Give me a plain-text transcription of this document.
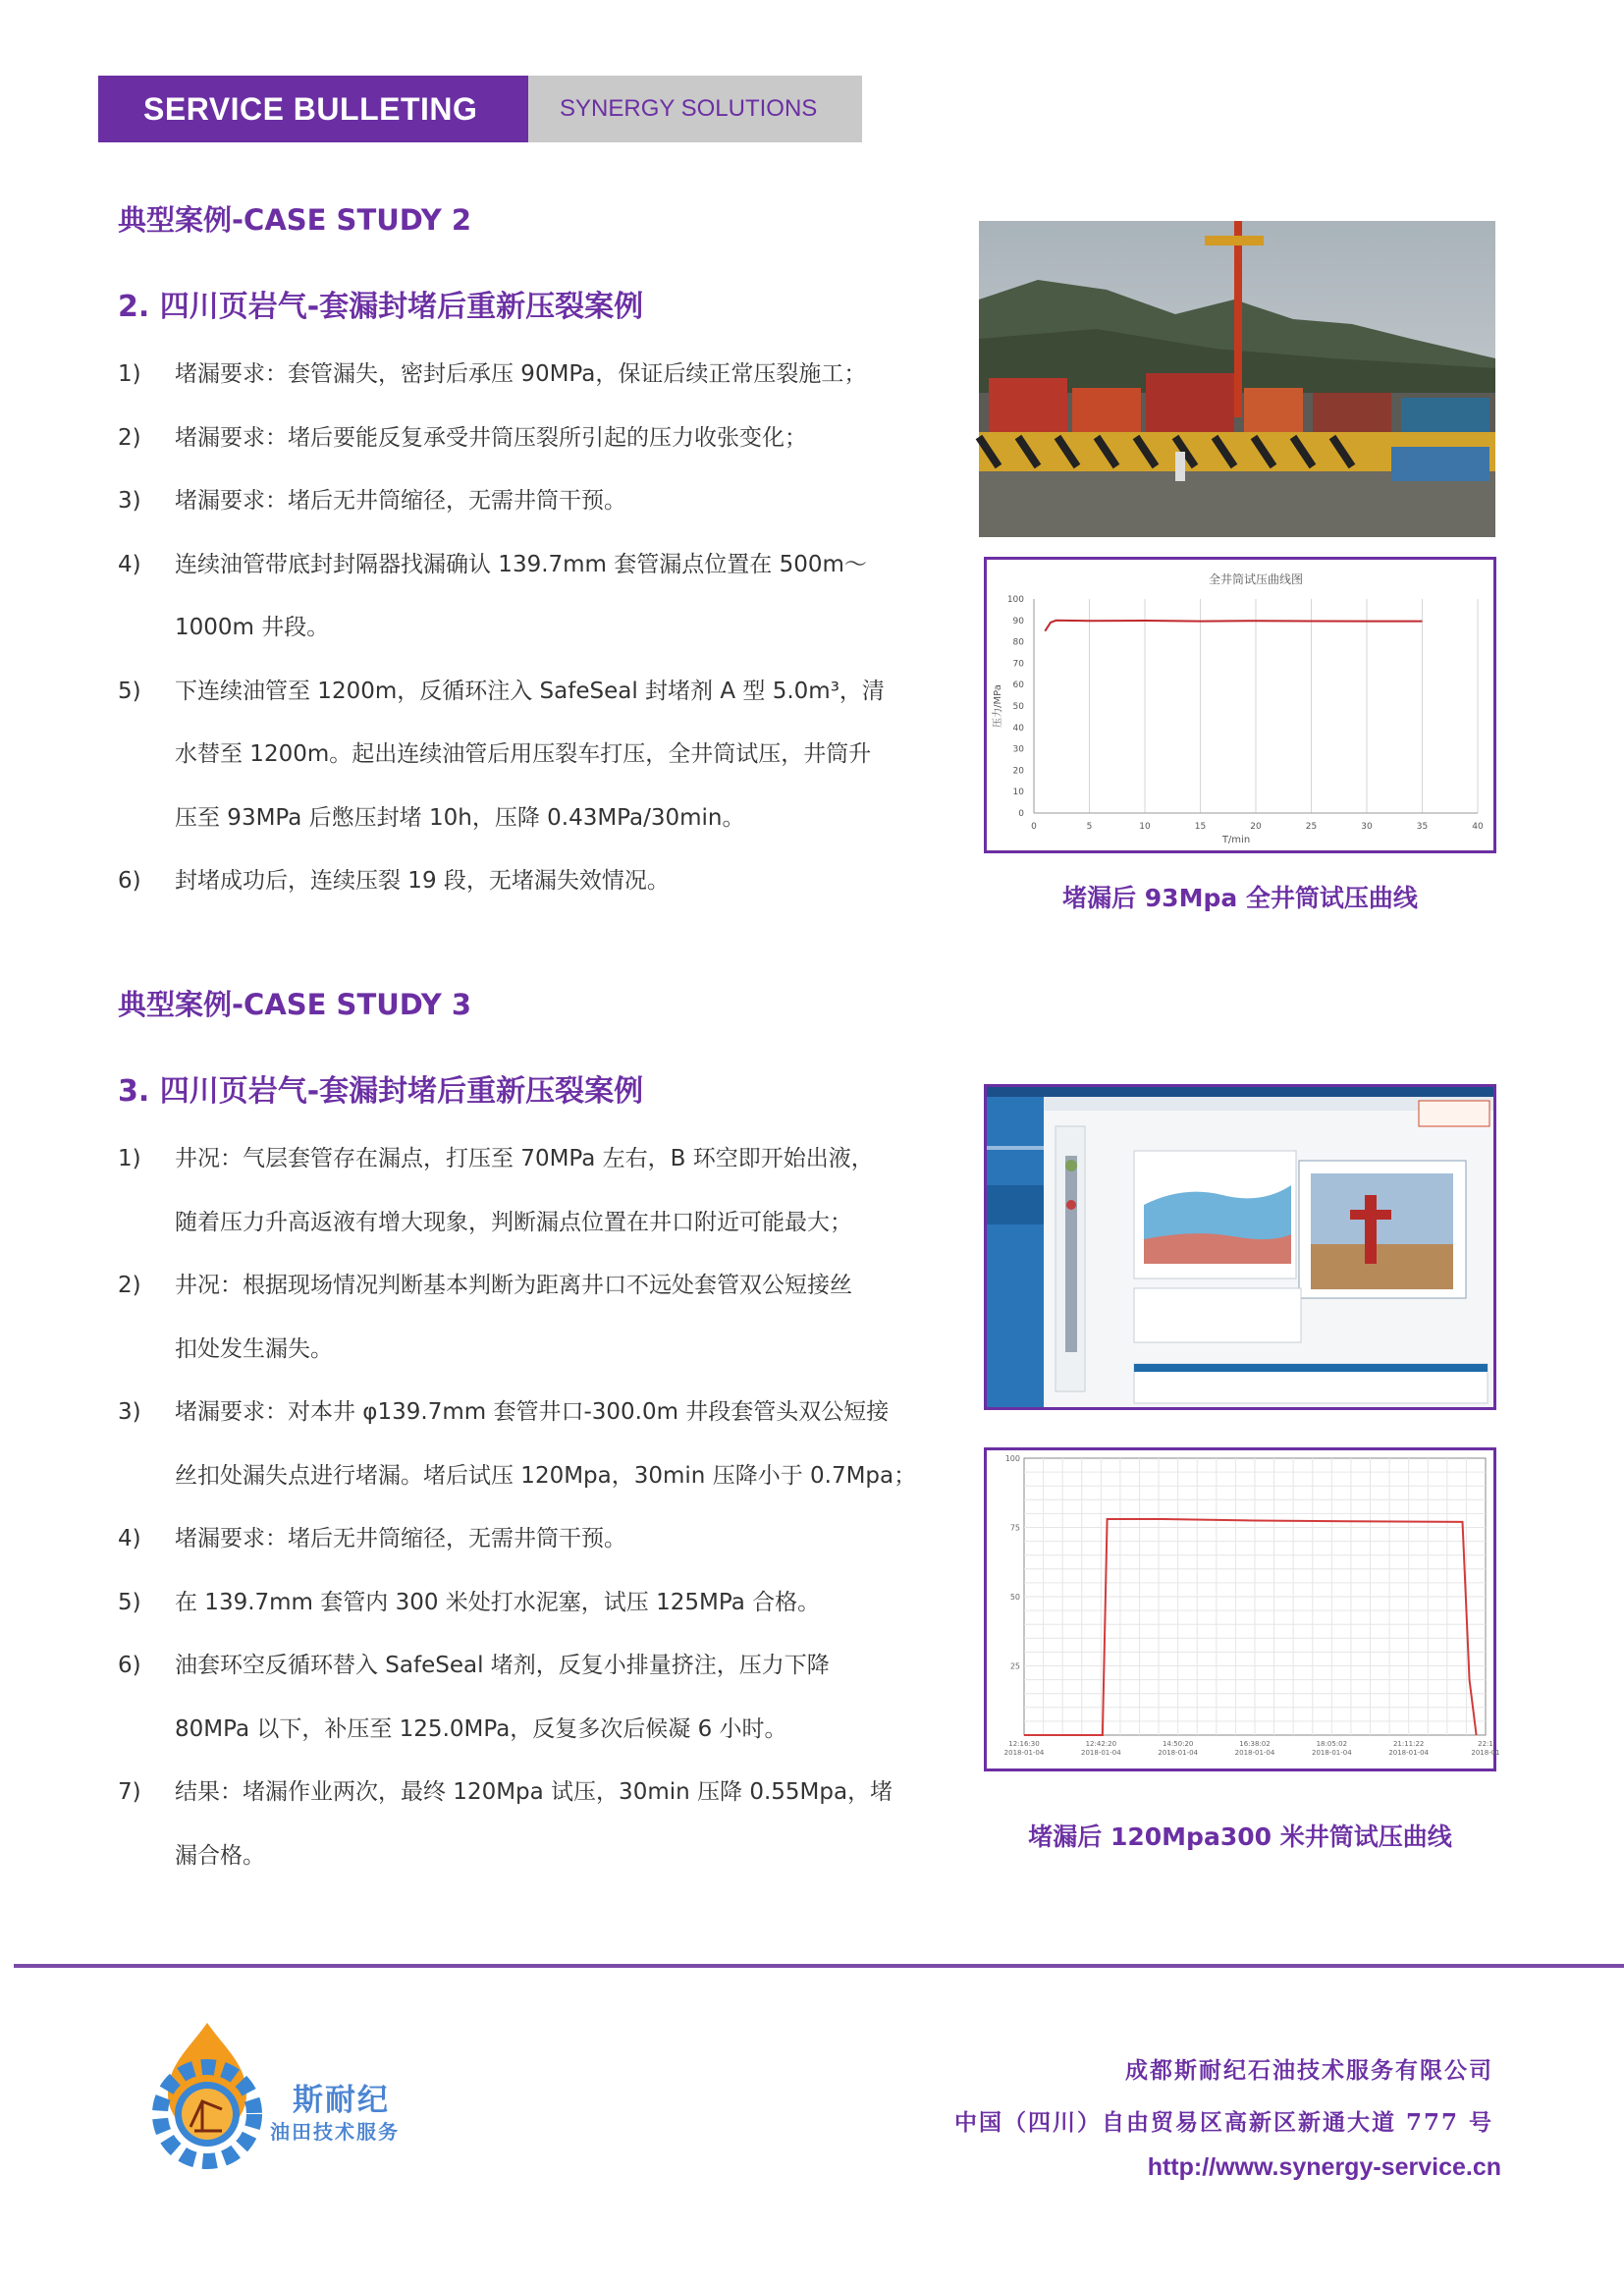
SERVICE BULLETING	SYNERGY SOLUTIONS
典型案例-CASE STUDY 2
2. 四川页岩气-套漏封堵后重新压裂案例
1) 堵漏要求：套管漏失，密封后承压 90MPa，保证后续正常压裂施工；
2) 堵漏要求：堵后要能反复承受井筒压裂所引起的压力收张变化；
3) 堵漏要求：堵后无井筒缩径，无需井筒干预。
4) 连续油管带底封封隔器找漏确认 139.7mm 套管漏点位置在 500m～
1000m 井段。
5) 下连续油管至 1200m，反循环注入 SafeSeal 封堵剂 A 型 5.0m³，清
水替至 1200m。起出连续油管后用压裂车打压，全井筒试压，井筒升
压至 93MPa 后憋压封堵 10h，压降 0.43MPa/30min。
6) 封堵成功后，连续压裂 19 段，无堵漏失效情况。
全井筒试压曲线图
0	5	10	15	20	25	30	35	40
0
10
20
30
40
50
60
70
80
90
100
T/min
压力/MPa
堵漏后 93Mpa 全井筒试压曲线
典型案例-CASE STUDY 3
3. 四川页岩气-套漏封堵后重新压裂案例
1) 井况：气层套管存在漏点，打压至 70MPa 左右，B 环空即开始出液，
随着压力升高返液有增大现象，判断漏点位置在井口附近可能最大；
2) 井况：根据现场情况判断基本判断为距离井口不远处套管双公短接丝
扣处发生漏失。
3) 堵漏要求：对本井 φ139.7mm 套管井口-300.0m 井段套管头双公短接
丝扣处漏失点进行堵漏。堵后试压 120Mpa，30min 压降小于 0.7Mpa；
4) 堵漏要求：堵后无井筒缩径，无需井筒干预。
5) 在 139.7mm 套管内 300 米处打水泥塞，试压 125MPa 合格。
6) 油套环空反循环替入 SafeSeal 堵剂，反复小排量挤注，压力下降
80MPa 以下，补压至 125.0MPa，反复多次后候凝 6 小时。
7) 结果：堵漏作业两次，最终 120Mpa 试压，30min 压降 0.55Mpa，堵
漏合格。
100
75
50
25
12:16:30
2018-01-04
12:42:20
2018-01-04
14:50:20
2018-01-04
16:38:02
2018-01-04
18:05:02
2018-01-04
21:11:22
2018-01-04
22:1
2018-01
堵漏后 120Mpa300 米井筒试压曲线
斯耐纪
油田技术服务
成都斯耐纪石油技术服务有限公司
中国（四川）自由贸易区高新区新通大道 777 号
http://www.synergy-service.cn
